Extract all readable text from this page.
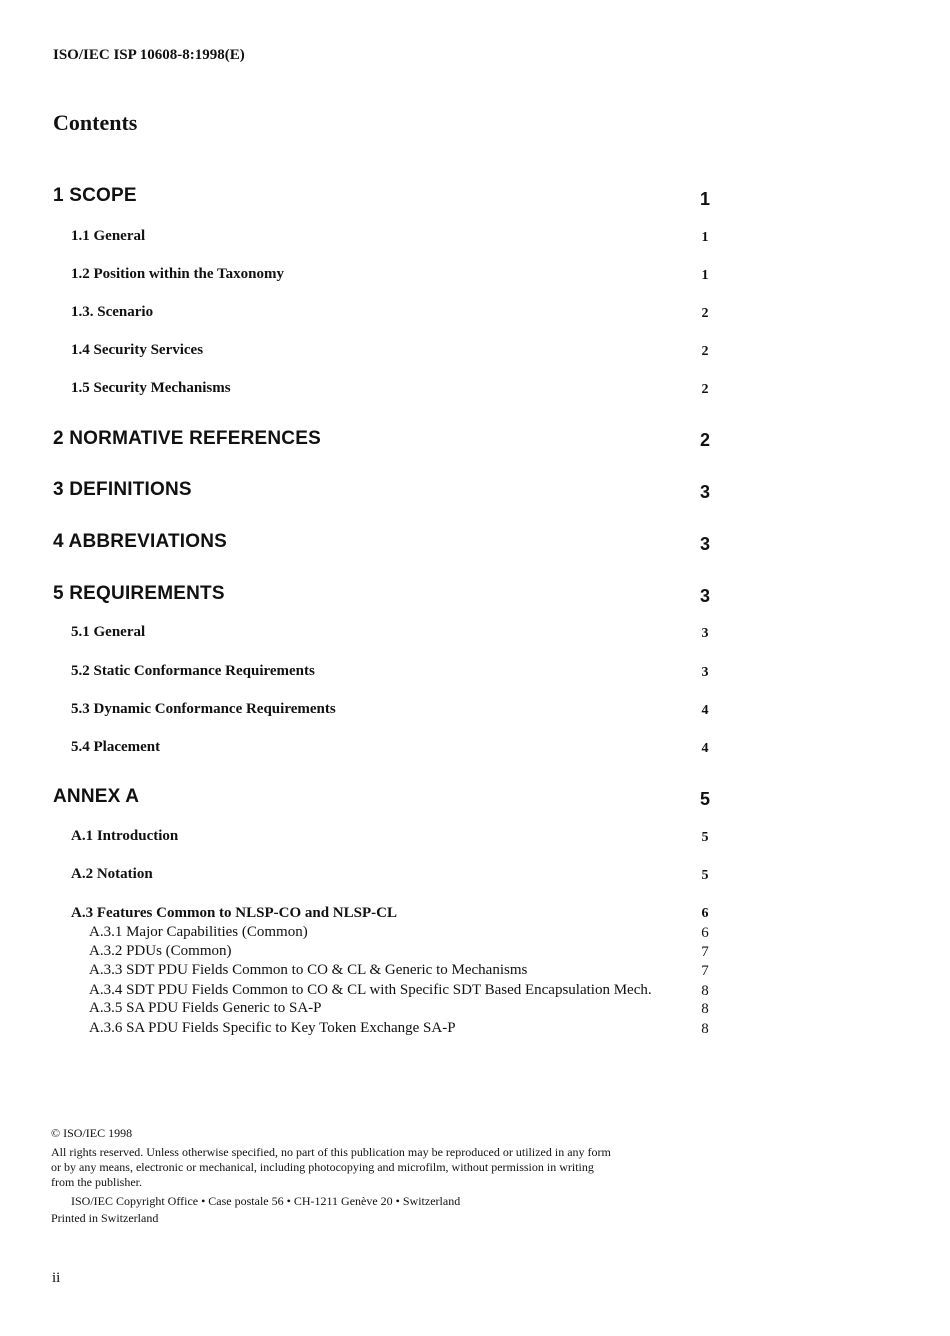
ISO/IEC ISP 10608-8:1998(E)
Contents
1 SCOPE	1
1.1 General	1
1.2 Position within the Taxonomy	1
1.3. Scenario	2
1.4 Security Services	2
1.5 Security Mechanisms	2
2 NORMATIVE REFERENCES	2
3 DEFINITIONS	3
4 ABBREVIATIONS	3
5 REQUIREMENTS	3
5.1 General	3
5.2 Static Conformance Requirements	3
5.3 Dynamic Conformance Requirements	4
5.4 Placement	4
ANNEX A	5
A.1 Introduction	5
A.2 Notation	5
A.3 Features Common to NLSP-CO and NLSP-CL	6
A.3.1 Major Capabilities (Common)	6
A.3.2 PDUs (Common)	7
A.3.3 SDT PDU Fields Common to CO & CL & Generic to Mechanisms	7
A.3.4 SDT PDU Fields Common to CO & CL with Specific SDT Based Encapsulation Mech.	8
A.3.5 SA PDU Fields Generic to SA-P	8
A.3.6 SA PDU Fields Specific to Key Token Exchange SA-P	8
© ISO/IEC 1998
All rights reserved. Unless otherwise specified, no part of this publication may be reproduced or utilized in any form or by any means, electronic or mechanical, including photocopying and microfilm, without permission in writing from the publisher.
ISO/IEC Copyright Office • Case postale 56 • CH-1211 Genève 20 • Switzerland
Printed in Switzerland
ii
